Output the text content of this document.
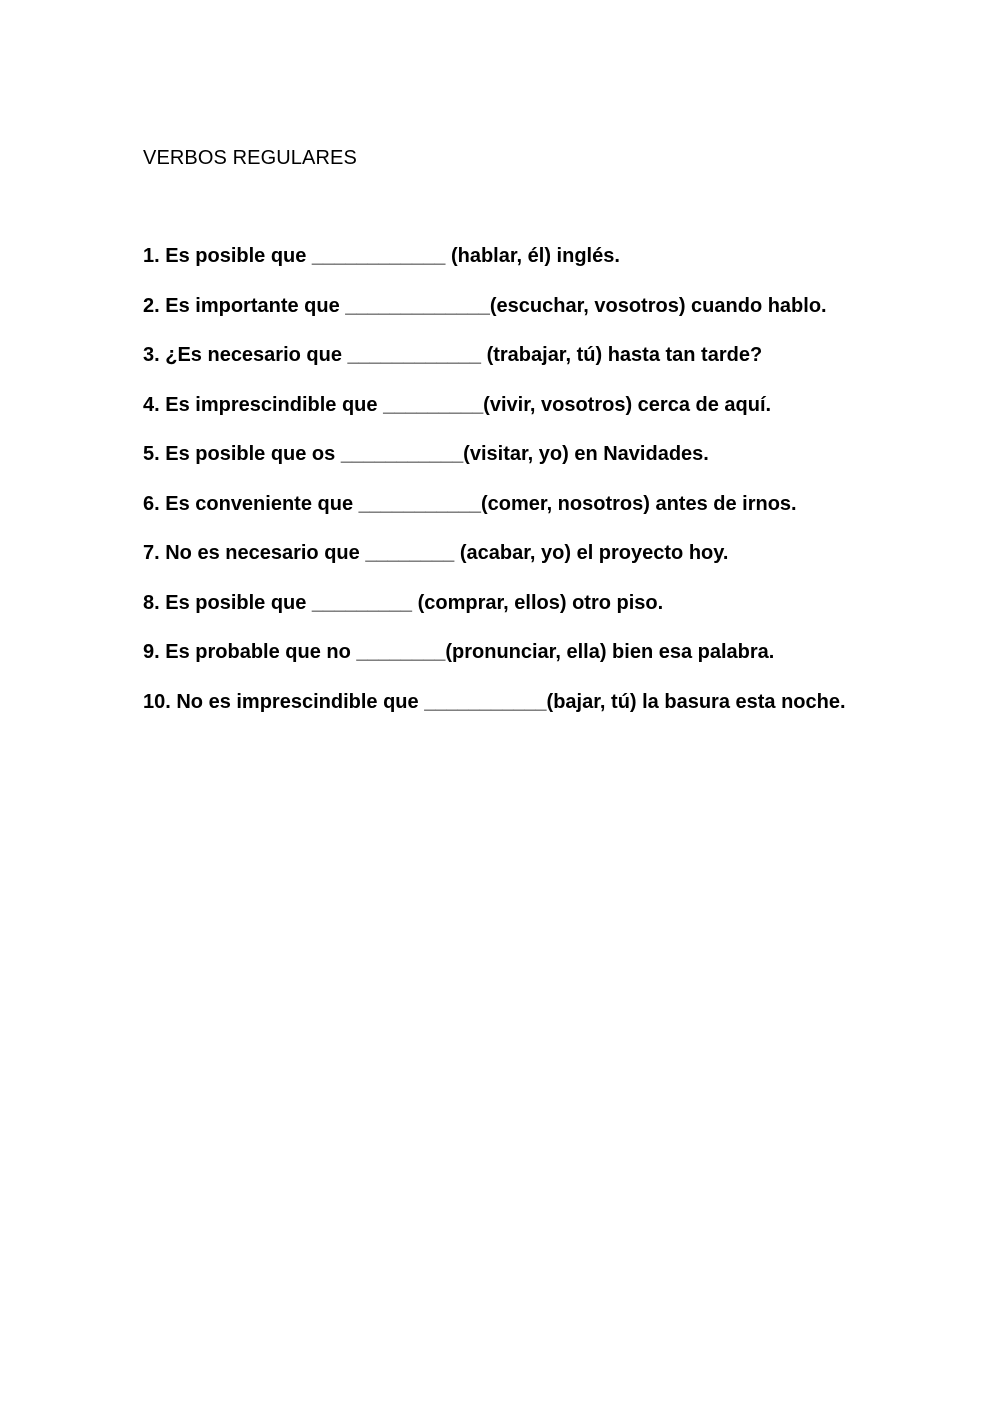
VERBOS REGULARES
1. Es posible que ____________ (hablar, él) inglés.
2. Es importante que _____________(escuchar, vosotros) cuando hablo.
3. ¿Es necesario que ____________ (trabajar, tú) hasta tan tarde?
4. Es imprescindible que _________(vivir, vosotros) cerca de aquí.
5. Es posible que os ___________(visitar, yo) en Navidades.
6. Es conveniente que ___________(comer, nosotros) antes de irnos.
7. No es necesario que ________ (acabar, yo) el proyecto hoy.
8. Es posible que _________ (comprar, ellos) otro piso.
9. Es probable que no ________(pronunciar, ella) bien esa palabra.
10. No es imprescindible que ___________(bajar, tú) la basura esta noche.
